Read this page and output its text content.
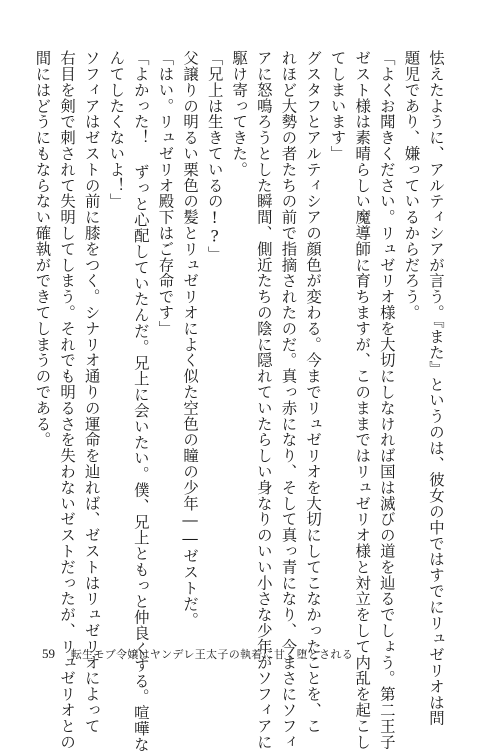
怯えたように、アルティシアが言う。『また』というのは、彼女の中ではすでにリュゼリオは問
題児であり、嫌っているからだろう。
「よくお聞きください。リュゼリオ様を大切にしなければ国は滅びの道を辿るでしょう。第二王子
ゼスト様は素晴らしい魔導師に育ちますが、このままではリュゼリオ様と対立をして内乱を起こし
てしまいます」
グスタフとアルティシアの顔色が変わる。今までリュゼリオを大切にしてこなかったことを、こ
れほど大勢の者たちの前で指摘されたのだ。真っ赤になり、そして真っ青になり、今まさにソフィ
アに怒鳴ろうとした瞬間、側近たちの陰に隠れていたらしい身なりのいい小さな少年がソフィアに
駆け寄ってきた。
「兄上は生きているの!?」
父譲りの明るい栗色の髪とリュゼリオによく似た空色の瞳の少年――ゼストだ。
「はい。リュゼリオ殿下はご存命です」
「よかった！ ずっと心配していたんだ。兄上に会いたい。僕、兄上ともっと仲良くする。喧嘩な
んてしたくないよ！」
ソフィアはゼストの前に膝をつく。シナリオ通りの運命を辿れば、ゼストはリュゼリオによって
右目を剣で刺されて失明してしまう。それでも明るさを失わないゼストだったが、リュゼリオとの
間にはどうにもならない確執ができてしまうのである。
59 転生モブ令嬢はヤンデレ王太子の執着に甘く堕とされる
